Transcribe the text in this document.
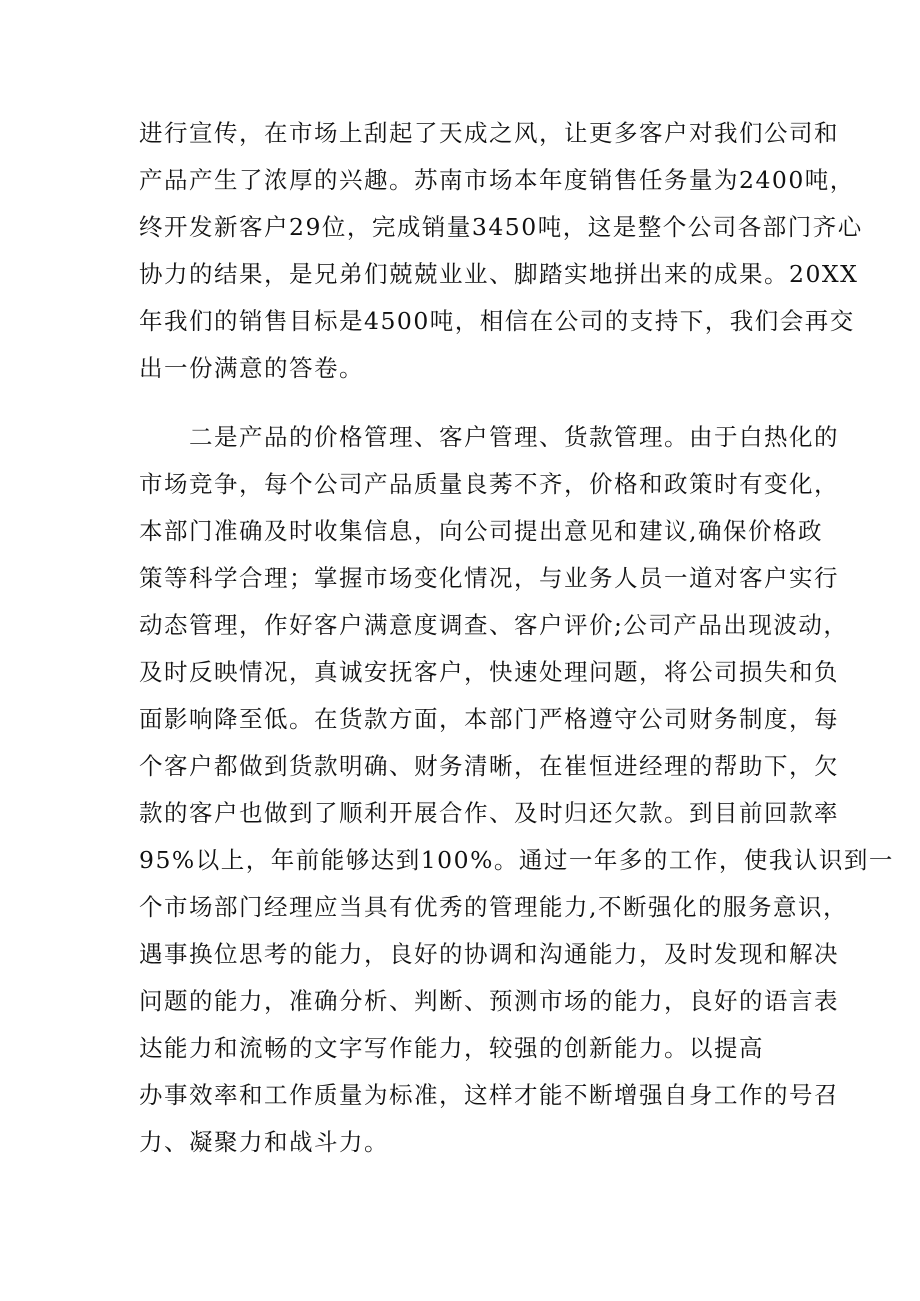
进行宣传，在市场上刮起了天成之风，让更多客户对我们公司和
产品产生了浓厚的兴趣。苏南市场本年度销售任务量为2400吨，
终开发新客户29位，完成销量3450吨，这是整个公司各部门齐心
协力的结果，是兄弟们兢兢业业、脚踏实地拼出来的成果。20XX
年我们的销售目标是4500吨，相信在公司的支持下，我们会再交
出一份满意的答卷。
　　二是产品的价格管理、客户管理、货款管理。由于白热化的
市场竞争，每个公司产品质量良莠不齐，价格和政策时有变化，
本部门准确及时收集信息，向公司提出意见和建议,确保价格政
策等科学合理；掌握市场变化情况，与业务人员一道对客户实行
动态管理，作好客户满意度调查、客户评价;公司产品出现波动，
及时反映情况，真诚安抚客户，快速处理问题，将公司损失和负
面影响降至低。在货款方面，本部门严格遵守公司财务制度，每
个客户都做到货款明确、财务清晰，在崔恒进经理的帮助下，欠
款的客户也做到了顺利开展合作、及时归还欠款。到目前回款率
95%以上，年前能够达到100%。通过一年多的工作，使我认识到一
个市场部门经理应当具有优秀的管理能力,不断强化的服务意识，
遇事换位思考的能力，良好的协调和沟通能力，及时发现和解决
问题的能力，准确分析、判断、预测市场的能力，良好的语言表
达能力和流畅的文字写作能力，较强的创新能力。以提高
办事效率和工作质量为标准，这样才能不断增强自身工作的号召
力、凝聚力和战斗力。
